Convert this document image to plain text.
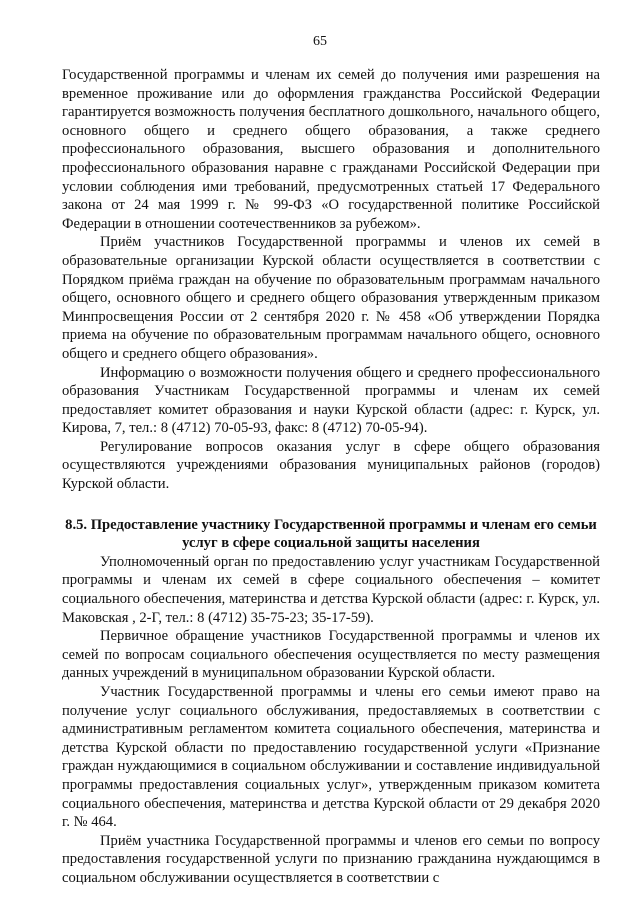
65

Государственной программы и членам их семей до получения ими разрешения на временное проживание или до оформления гражданства Российской Федерации гарантируется возможность получения бесплатного дошкольного, начального общего, основного общего и среднего общего образования, а также среднего профессионального образования, высшего образования и дополнительного профессионального образования наравне с гражданами Российской Федерации при условии соблюдения ими требований, предусмотренных статьей 17 Федерального закона от 24 мая 1999 г. № 99-ФЗ «О государственной политике Российской Федерации в отношении соотечественников за рубежом».

Приём участников Государственной программы и членов их семей в образовательные организации Курской области осуществляется в соответствии с Порядком приёма граждан на обучение по образовательным программам начального общего, основного общего и среднего общего образования утвержденным приказом Минпросвещения России от 2 сентября 2020 г. № 458 «Об утверждении Порядка приема на обучение по образовательным программам начального общего, основного общего и среднего общего образования».

Информацию о возможности получения общего и среднего профессионального образования Участникам Государственной программы и членам их семей предоставляет комитет образования и науки Курской области (адрес: г. Курск, ул. Кирова, 7, тел.: 8 (4712) 70-05-93, факс: 8 (4712) 70-05-94).

Регулирование вопросов оказания услуг в сфере общего образования осуществляются учреждениями образования муниципальных районов (городов) Курской области.

8.5. Предоставление участнику Государственной программы и членам его семьи услуг в сфере социальной защиты населения

Уполномоченный орган по предоставлению услуг участникам Государственной программы и членам их семей в сфере социального обеспечения – комитет социального обеспечения, материнства и детства Курской области (адрес: г. Курск, ул. Маковская , 2-Г, тел.: 8 (4712) 35-75-23; 35-17-59).

Первичное обращение участников Государственной программы и членов их семей по вопросам социального обеспечения осуществляется по месту размещения данных учреждений в муниципальном образовании Курской области.

Участник Государственной программы и члены его семьи имеют право на получение услуг социального обслуживания, предоставляемых в соответствии с административным регламентом комитета социального обеспечения, материнства и детства Курской области по предоставлению государственной услуги «Признание граждан нуждающимися в социальном обслуживании и составление индивидуальной программы предоставления социальных услуг», утвержденным приказом комитета социального обеспечения, материнства и детства Курской области от 29 декабря 2020 г. № 464.

Приём участника Государственной программы и членов его семьи по вопросу предоставления государственной услуги по признанию гражданина нуждающимся в социальном обслуживании осуществляется в соответствии с
